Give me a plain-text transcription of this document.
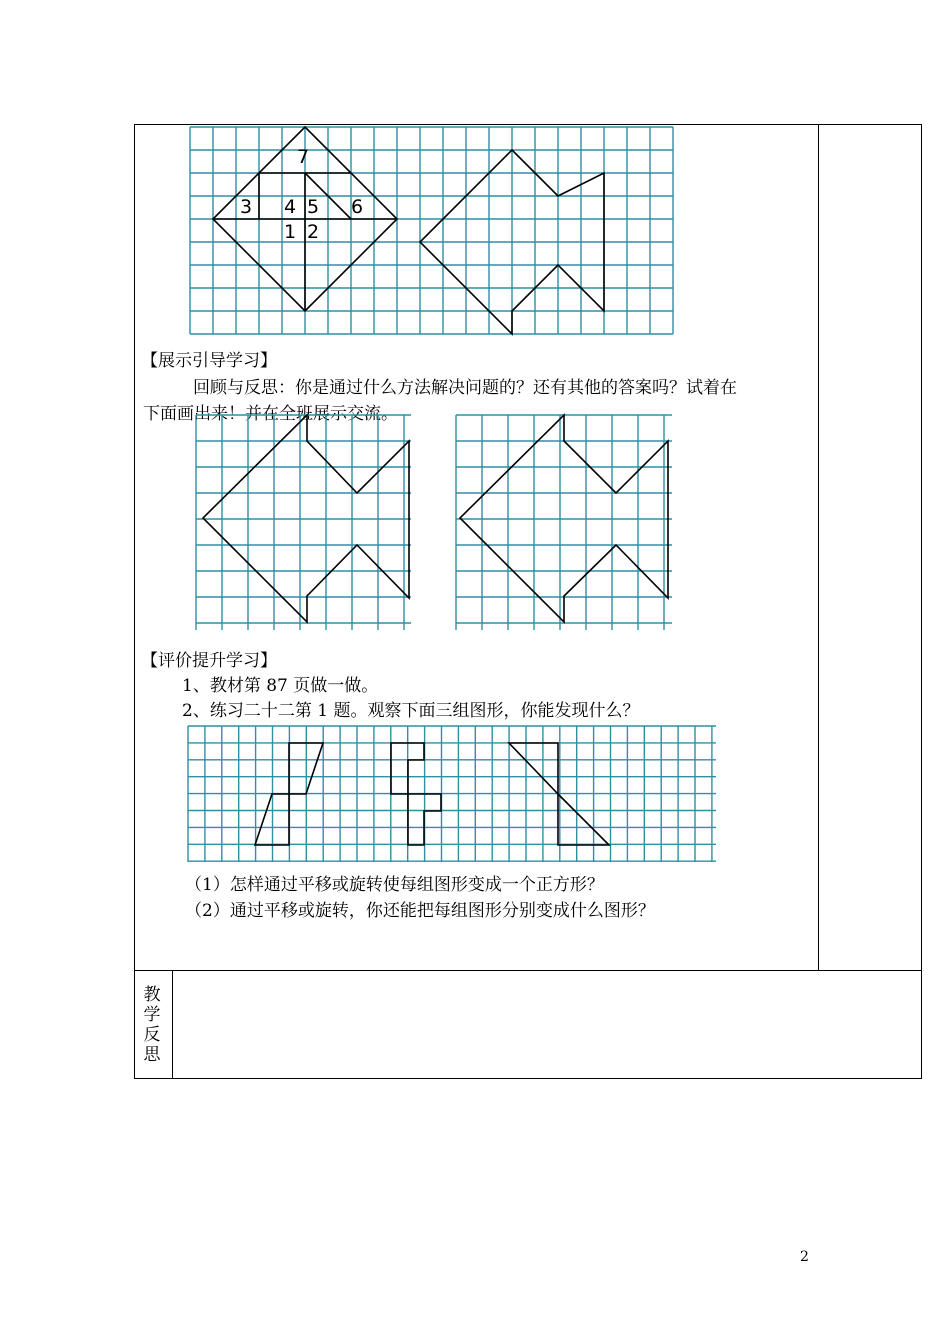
7
3 4 5 6
1 2
【展示引导学习】
回顾与反思：你是通过什么方法解决问题的？还有其他的答案吗？试着在
下面画出来！并在全班展示交流。
【评价提升学习】
1、教材第 87 页做一做。
2、练习二十二第 1 题。观察下面三组图形，你能发现什么？
（1）怎样通过平移或旋转使每组图形变成一个正方形？
（2）通过平移或旋转，你还能把每组图形分别变成什么图形？
教学反思
2
